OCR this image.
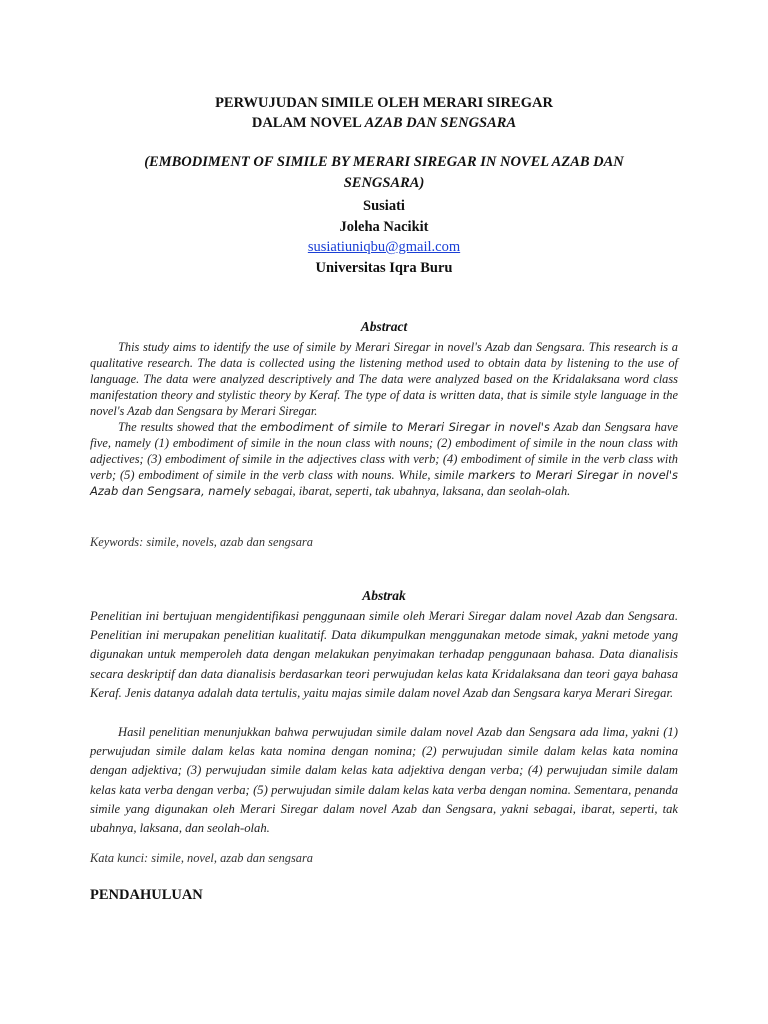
PERWUJUDAN SIMILE OLEH MERARI SIREGAR
DALAM NOVEL AZAB DAN SENGSARA
(EMBODIMENT OF SIMILE BY MERARI SIREGAR IN NOVEL AZAB DAN SENGSARA)
Susiati
Joleha Nacikit
susiatiuniqbu@gmail.com
Universitas Iqra Buru
Abstract

This study aims to identify the use of simile by Merari Siregar in novel's Azab dan Sengsara. This research is a qualitative research. The data is collected using the listening method used to obtain data by listening to the use of language. The data were analyzed descriptively and The data were analyzed based on the Kridalaksana word class manifestation theory and stylistic theory by Keraf. The type of data is written data, that is simile style language in the novel's Azab dan Sengsara by Merari Siregar.

The results showed that the embodiment of simile to Merari Siregar in novel's Azab dan Sengsara have five, namely (1) embodiment of simile in the noun class with nouns; (2) embodiment of simile in the noun class with adjectives; (3) embodiment of simile in the adjectives class with verb; (4) embodiment of simile in the verb class with verb; (5) embodiment of simile in the verb class with nouns. While, simile markers to Merari Siregar in novel's Azab dan Sengsara, namely sebagai, ibarat, seperti, tak ubahnya, laksana, dan seolah-olah.

Keywords: simile, novels, azab dan sengsara
Abstrak

Penelitian ini bertujuan mengidentifikasi penggunaan simile oleh Merari Siregar dalam novel Azab dan Sengsara. Penelitian ini merupakan penelitian kualitatif. Data dikumpulkan menggunakan metode simak, yakni metode yang digunakan untuk memperoleh data dengan melakukan penyimakan terhadap penggunaan bahasa. Data dianalisis secara deskriptif dan data dianalisis berdasarkan teori perwujudan kelas kata Kridalaksana dan teori gaya bahasa Keraf. Jenis datanya adalah data tertulis, yaitu majas simile dalam novel Azab dan Sengsara karya Merari Siregar.

Hasil penelitian menunjukkan bahwa perwujudan simile dalam novel Azab dan Sengsara ada lima, yakni (1) perwujudan simile dalam kelas kata nomina dengan nomina; (2) perwujudan simile dalam kelas kata nomina dengan adjektiva; (3) perwujudan simile dalam kelas kata adjektiva dengan verba; (4) perwujudan simile dalam kelas kata verba dengan verba; (5) perwujudan simile dalam kelas kata verba dengan nomina. Sementara, penanda simile yang digunakan oleh Merari Siregar dalam novel Azab dan Sengsara, yakni sebagai, ibarat, seperti, tak ubahnya, laksana, dan seolah-olah.

Kata kunci: simile, novel, azab dan sengsara
PENDAHULUAN
